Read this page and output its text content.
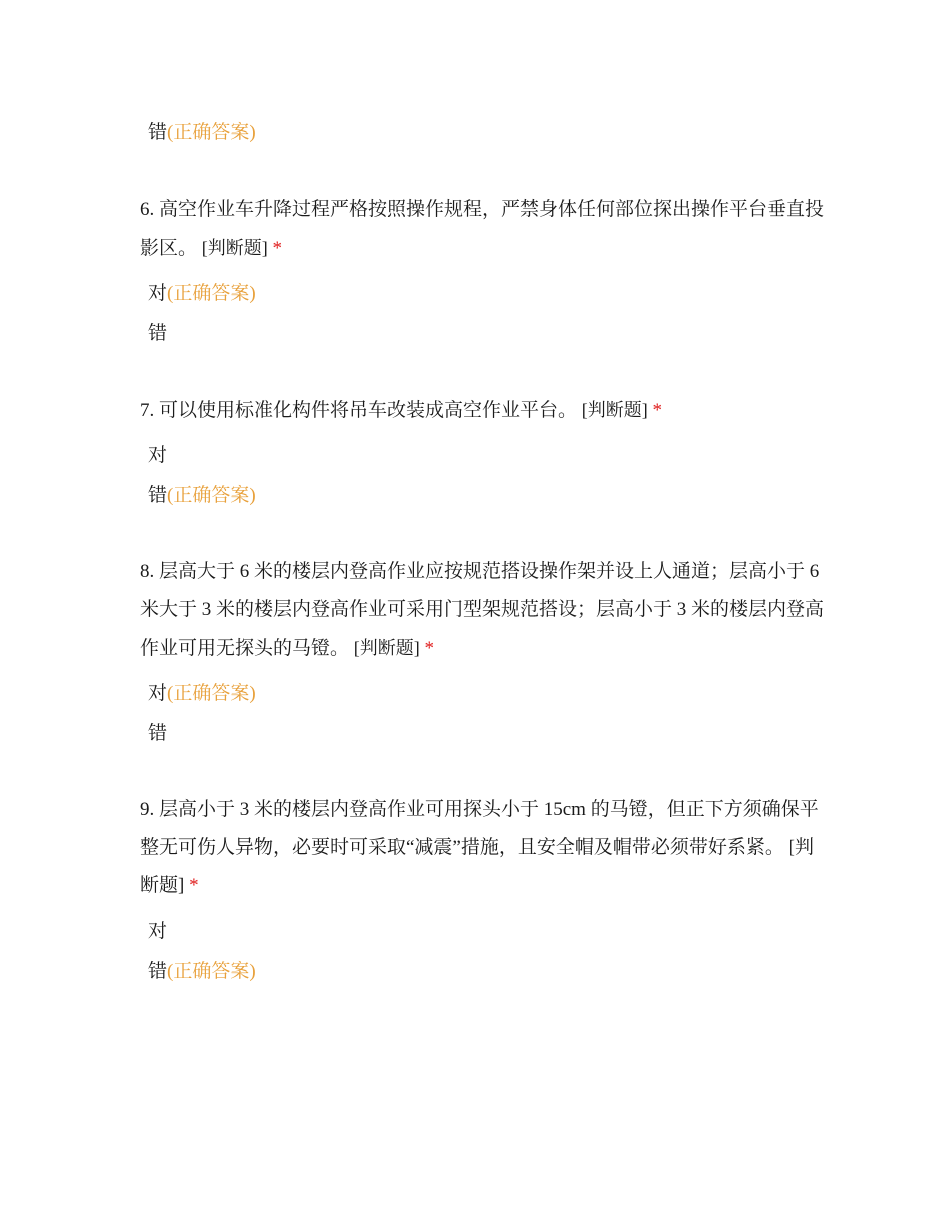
错(正确答案)
6. 高空作业车升降过程严格按照操作规程，严禁身体任何部位探出操作平台垂直投
影区。 [判断题] *
对(正确答案)
错
7. 可以使用标准化构件将吊车改装成高空作业平台。 [判断题] *
对
错(正确答案)
8. 层高大于 6 米的楼层内登高作业应按规范搭设操作架并设上人通道；层高小于 6
米大于 3 米的楼层内登高作业可采用门型架规范搭设；层高小于 3 米的楼层内登高
作业可用无探头的马镫。 [判断题] *
对(正确答案)
错
9. 层高小于 3 米的楼层内登高作业可用探头小于 15cm 的马镫，但正下方须确保平
整无可伤人异物，必要时可采取“减震”措施，且安全帽及帽带必须带好系紧。 [判
断题] *
对
错(正确答案)
